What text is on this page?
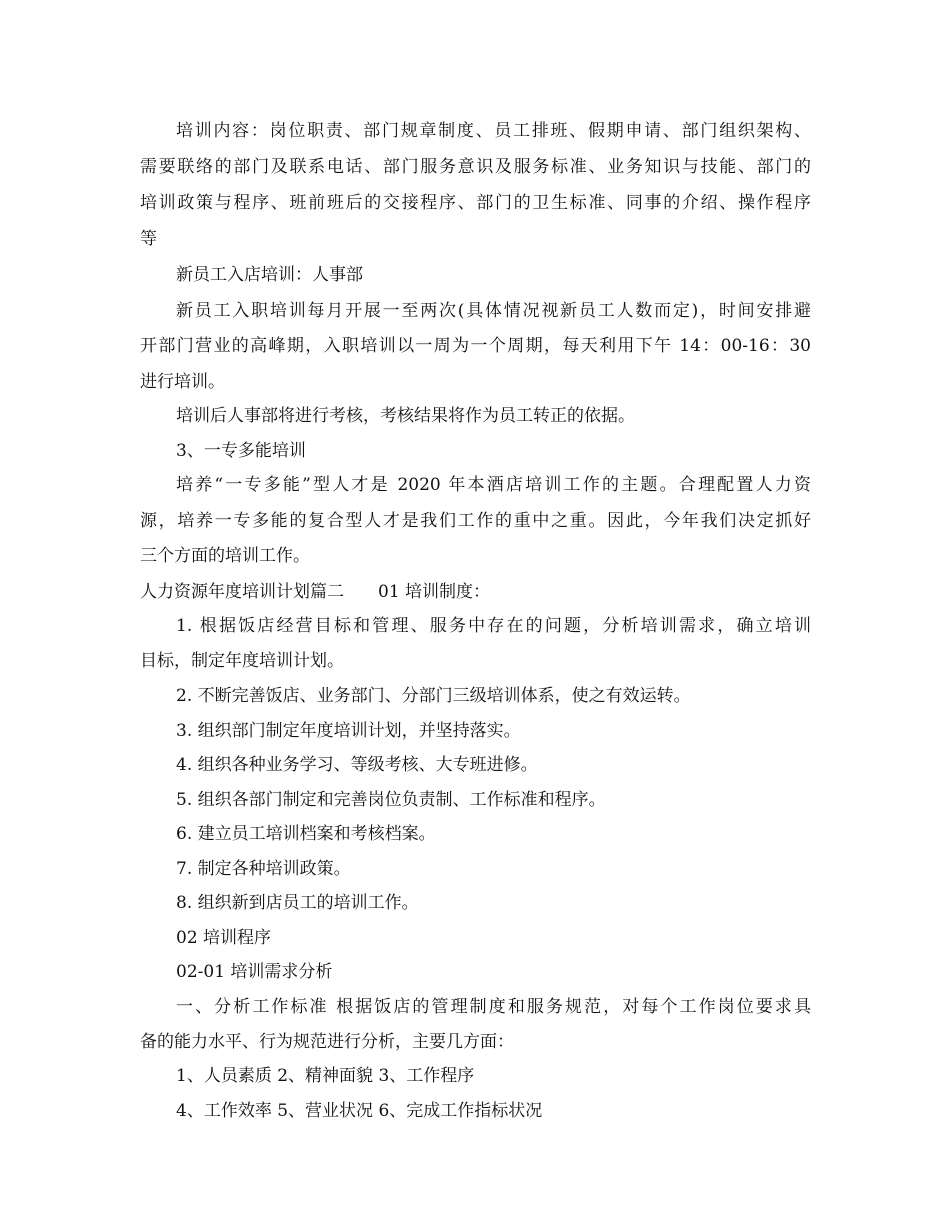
培训内容：岗位职责、部门规章制度、员工排班、假期申请、部门组织架构、
需要联络的部门及联系电话、部门服务意识及服务标准、业务知识与技能、部门的
培训政策与程序、班前班后的交接程序、部门的卫生标准、同事的介绍、操作程序
等
新员工入店培训：人事部
新员工入职培训每月开展一至两次(具体情况视新员工人数而定)，时间安排避
开部门营业的高峰期，入职培训以一周为一个周期，每天利用下午 14：00-16：30
进行培训。
培训后人事部将进行考核，考核结果将作为员工转正的依据。
3、一专多能培训
培养“一专多能”型人才是 2020 年本酒店培训工作的主题。合理配置人力资
源，培养一专多能的复合型人才是我们工作的重中之重。因此，今年我们决定抓好
三个方面的培训工作。
人力资源年度培训计划篇二　　01 培训制度：
1. 根据饭店经营目标和管理、服务中存在的问题，分析培训需求，确立培训
目标，制定年度培训计划。
2. 不断完善饭店、业务部门、分部门三级培训体系，使之有效运转。
3. 组织部门制定年度培训计划，并坚持落实。
4. 组织各种业务学习、等级考核、大专班进修。
5. 组织各部门制定和完善岗位负责制、工作标准和程序。
6. 建立员工培训档案和考核档案。
7. 制定各种培训政策。
8. 组织新到店员工的培训工作。
02 培训程序
02-01 培训需求分析
一、分析工作标准 根据饭店的管理制度和服务规范，对每个工作岗位要求具
备的能力水平、行为规范进行分析，主要几方面：
1、人员素质 2、精神面貌 3、工作程序
4、工作效率 5、营业状况 6、完成工作指标状况
